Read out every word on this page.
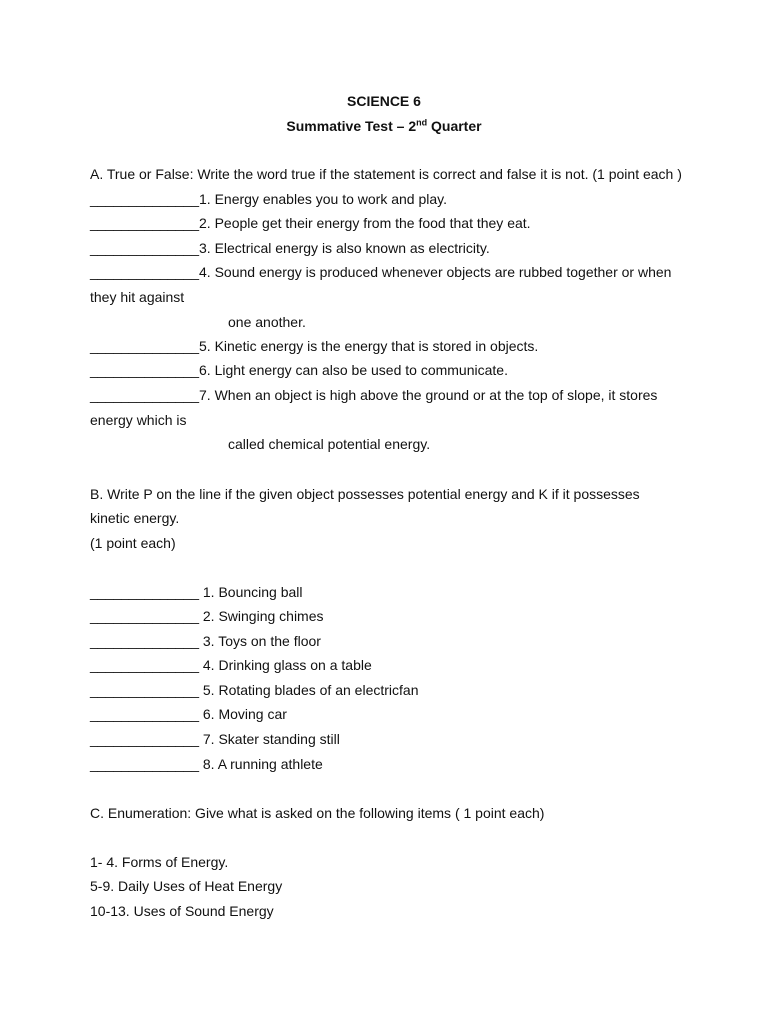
SCIENCE 6
Summative Test – 2nd Quarter
A. True or False: Write the word true if the statement is correct and false it is not. (1 point each )
______________1. Energy enables you to work and play.
______________2. People get their energy from the food that they eat.
______________3. Electrical energy is also known as electricity.
______________4. Sound energy is produced whenever objects are rubbed together or when
they hit against
one another.
______________5. Kinetic energy is the energy that is stored in objects.
______________6. Light energy can also be used to communicate.
______________7. When an object is high above the ground or at the top of slope, it stores
energy which is
called chemical potential energy.
B. Write P on the line if the given object possesses potential energy and K if it possesses
kinetic energy.
(1 point each)
______________ 1. Bouncing ball
______________ 2. Swinging chimes
______________ 3. Toys on the floor
______________ 4. Drinking glass on a table
______________ 5. Rotating blades of an electricfan
______________ 6. Moving car
______________ 7. Skater standing still
______________ 8. A running athlete
C. Enumeration: Give what is asked on the following items ( 1 point each)
1- 4. Forms of Energy.
5-9. Daily Uses of Heat Energy
10-13. Uses of Sound Energy
